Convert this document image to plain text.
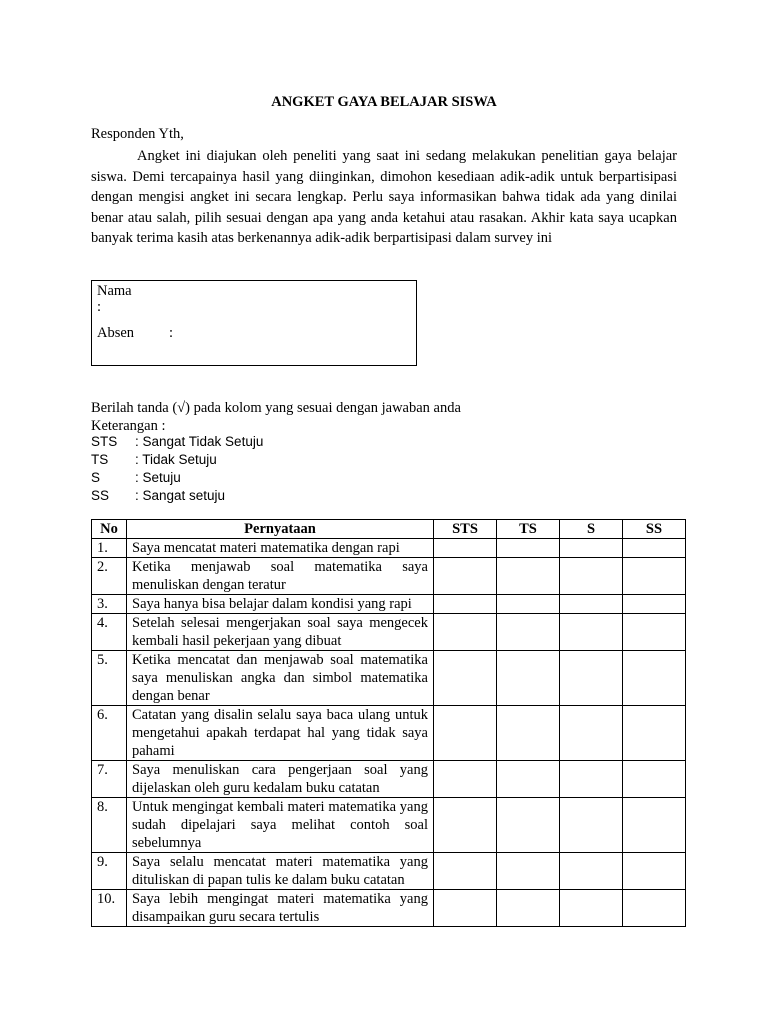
ANGKET GAYA BELAJAR SISWA
Responden Yth,

Angket ini diajukan oleh peneliti yang saat ini sedang melakukan penelitian gaya belajar siswa. Demi tercapainya hasil yang diinginkan, dimohon kesediaan adik-adik untuk berpartisipasi dengan mengisi angket ini secara lengkap. Perlu saya informasikan bahwa tidak ada yang dinilai benar atau salah, pilih sesuai dengan apa yang anda ketahui atau rasakan. Akhir kata saya ucapkan banyak terima kasih atas berkenannya adik-adik berpartisipasi dalam survey ini

Nama
:
Absen :
Berilah tanda (√) pada kolom yang sesuai dengan jawaban anda
Keterangan :
STS : Sangat Tidak Setuju
TS : Tidak Setuju
S	: Setuju
SS : Sangat setuju
No	Pernyataan	STS	TS	S	SS
1.	Saya mencatat materi matematika dengan rapi				
2.	Ketika menjawab soal matematika saya menuliskan dengan teratur				
3.	Saya hanya bisa belajar dalam kondisi yang rapi				
4.	Setelah selesai mengerjakan soal saya mengecek kembali hasil pekerjaan yang dibuat				
5.	Ketika mencatat dan menjawab soal matematika saya menuliskan angka dan simbol matematika dengan benar				
6.	Catatan yang disalin selalu saya baca ulang untuk mengetahui apakah terdapat hal yang tidak saya pahami				
7.	Saya menuliskan cara pengerjaan soal yang dijelaskan oleh guru kedalam buku catatan				
8.	Untuk mengingat kembali materi matematika yang sudah dipelajari saya melihat contoh soal sebelumnya				
9.	Saya selalu mencatat materi matematika yang dituliskan di papan tulis ke dalam buku catatan				
10.	Saya lebih mengingat materi matematika yang disampaikan guru secara tertulis				
